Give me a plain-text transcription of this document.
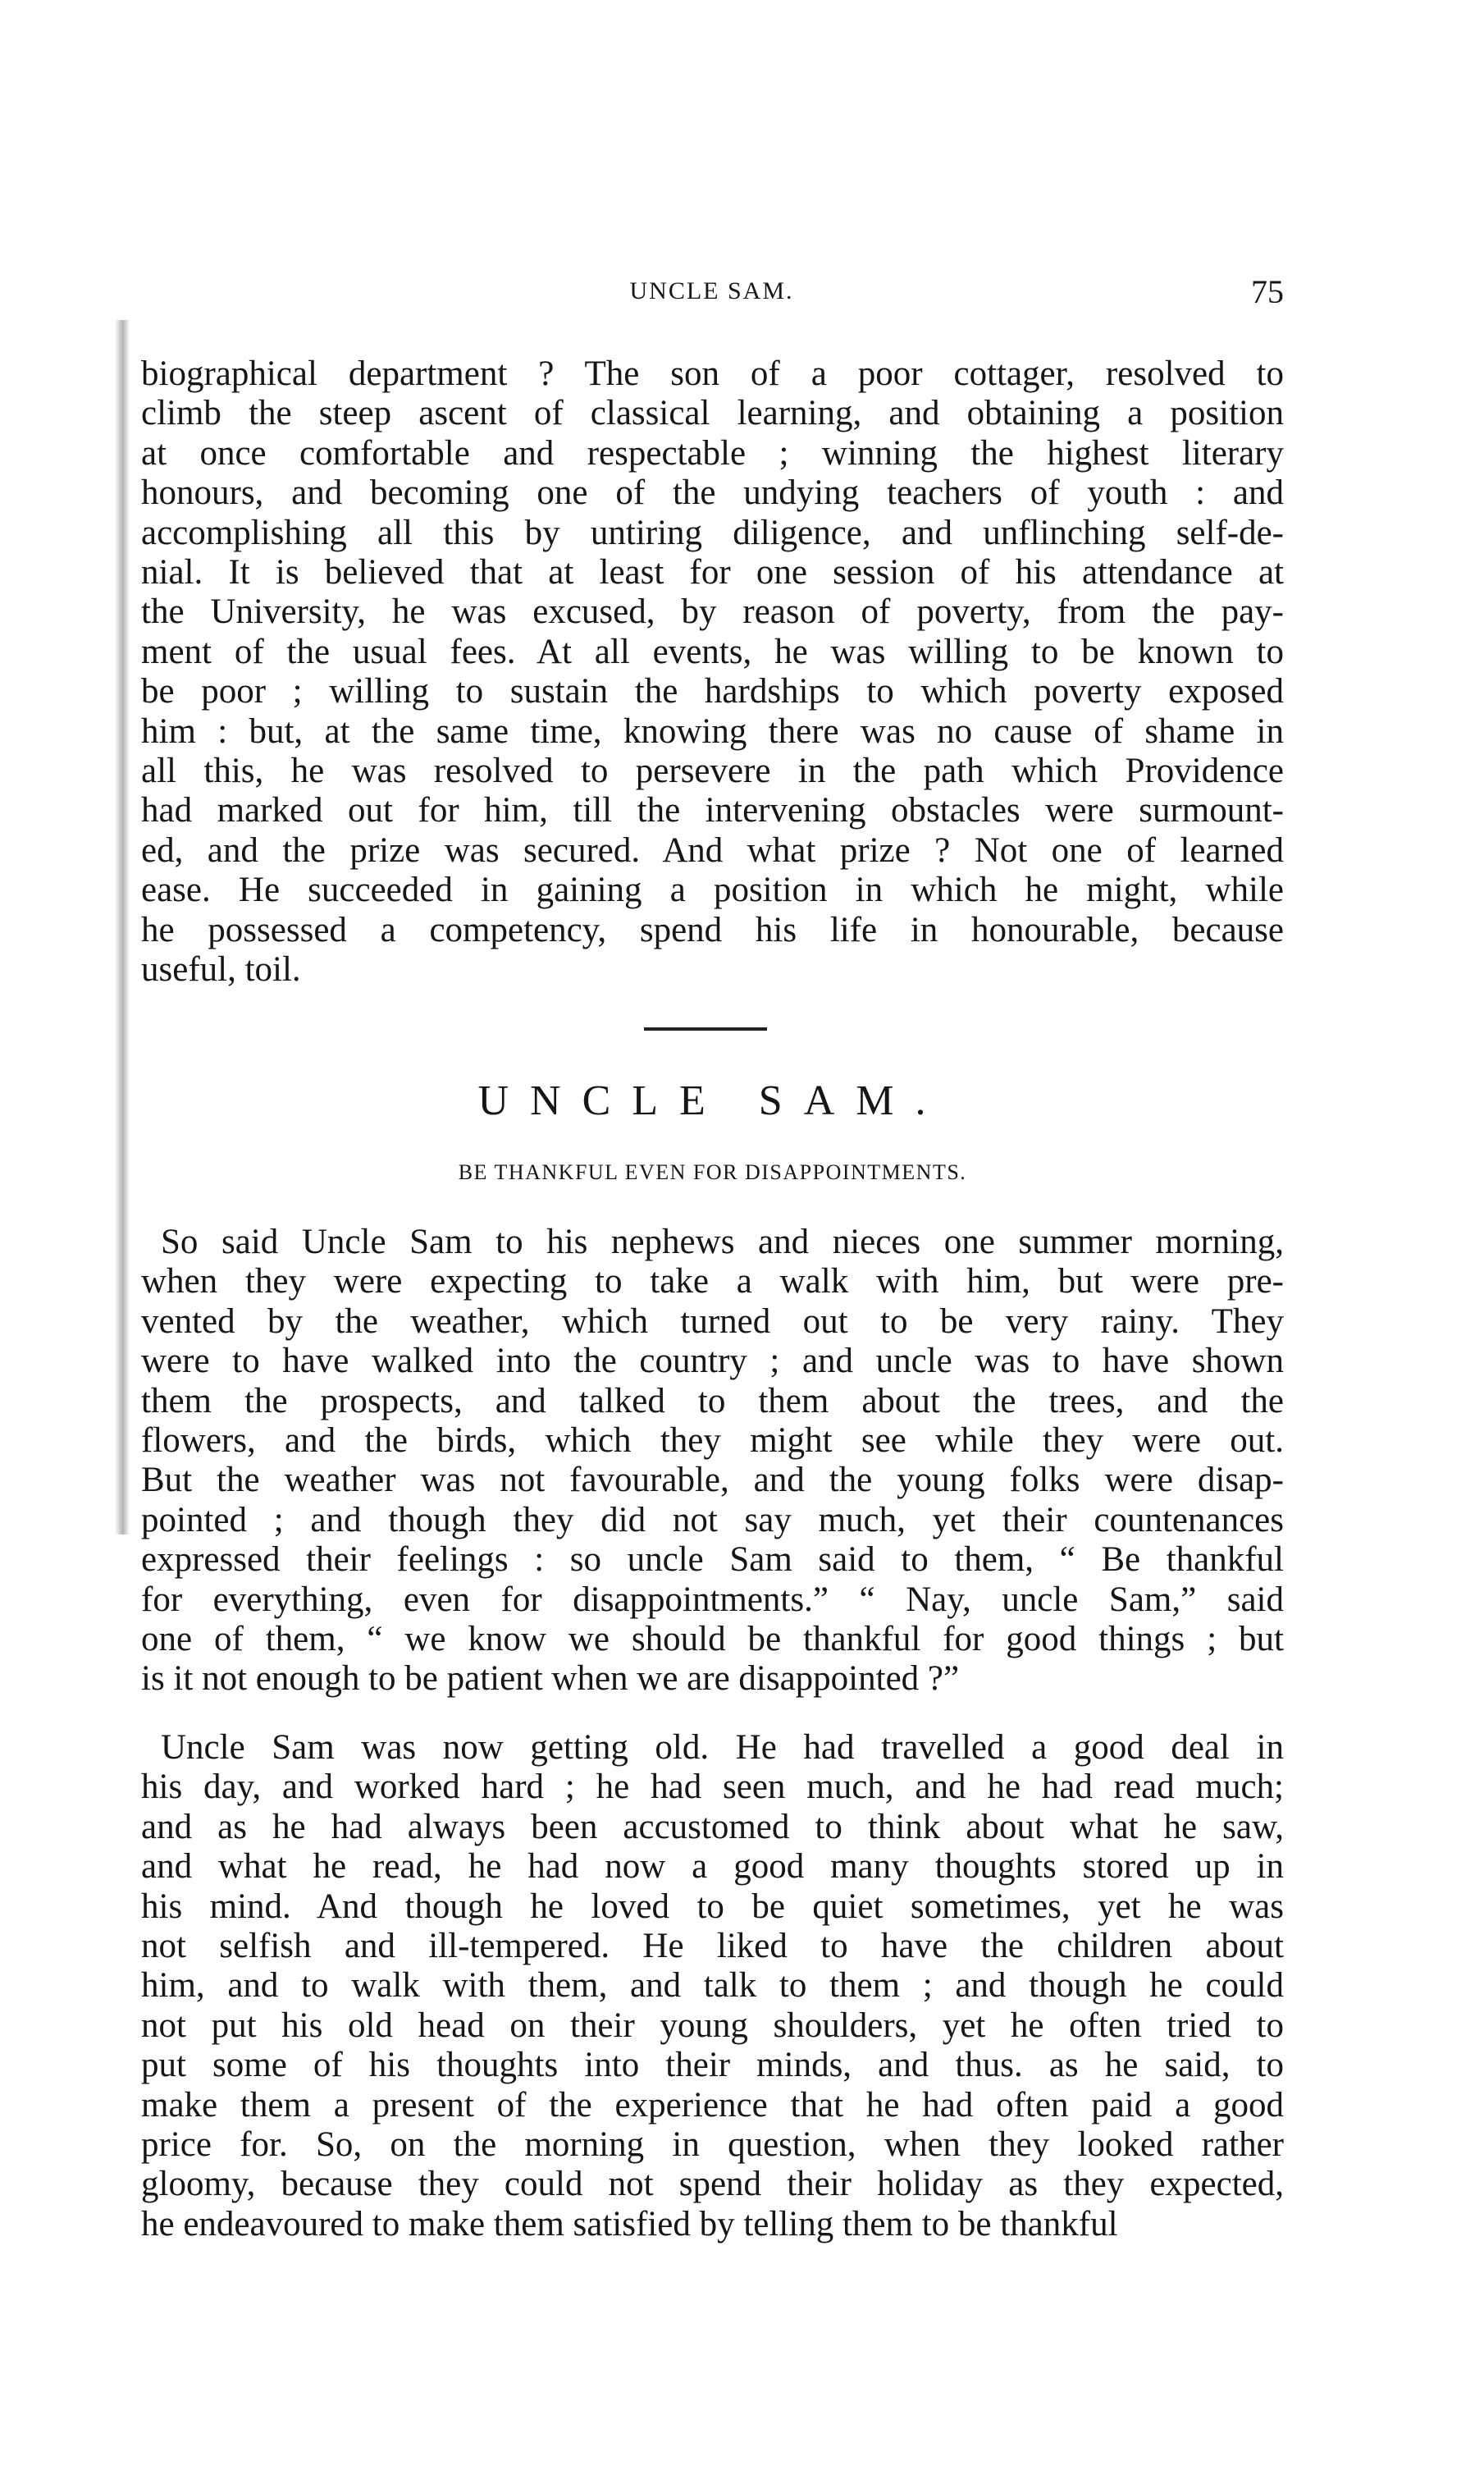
UNCLE SAM.	75
biographical department ? The son of a poor cottager, resolved to
climb the steep ascent of classical learning, and obtaining a position
at once comfortable and respectable ; winning the highest literary
honours, and becoming one of the undying teachers of youth : and
accomplishing all this by untiring diligence, and unflinching self-de-
nial. It is believed that at least for one session of his attendance at
the University, he was excused, by reason of poverty, from the pay-
ment of the usual fees. At all events, he was willing to be known to
be poor ; willing to sustain the hardships to which poverty exposed
him : but, at the same time, knowing there was no cause of shame in
all this, he was resolved to persevere in the path which Providence
had marked out for him, till the intervening obstacles were surmount-
ed, and the prize was secured. And what prize ? Not one of learned
ease. He succeeded in gaining a position in which he might, while
he possessed a competency, spend his life in honourable, because
useful, toil.
UNCLE SAM.
BE THANKFUL EVEN FOR DISAPPOINTMENTS.
So said Uncle Sam to his nephews and nieces one summer morning,
when they were expecting to take a walk with him, but were pre-
vented by the weather, which turned out to be very rainy. They
were to have walked into the country ; and uncle was to have shown
them the prospects, and talked to them about the trees, and the
flowers, and the birds, which they might see while they were out.
But the weather was not favourable, and the young folks were disap-
pointed ; and though they did not say much, yet their countenances
expressed their feelings : so uncle Sam said to them, “ Be thankful
for everything, even for disappointments.” “ Nay, uncle Sam,” said
one of them, “ we know we should be thankful for good things ; but
is it not enough to be patient when we are disappointed ?”
Uncle Sam was now getting old. He had travelled a good deal in
his day, and worked hard ; he had seen much, and he had read much;
and as he had always been accustomed to think about what he saw,
and what he read, he had now a good many thoughts stored up in
his mind. And though he loved to be quiet sometimes, yet he was
not selfish and ill-tempered. He liked to have the children about
him, and to walk with them, and talk to them ; and though he could
not put his old head on their young shoulders, yet he often tried to
put some of his thoughts into their minds, and thus. as he said, to
make them a present of the experience that he had often paid a good
price for. So, on the morning in question, when they looked rather
gloomy, because they could not spend their holiday as they expected,
he endeavoured to make them satisfied by telling them to be thankful
